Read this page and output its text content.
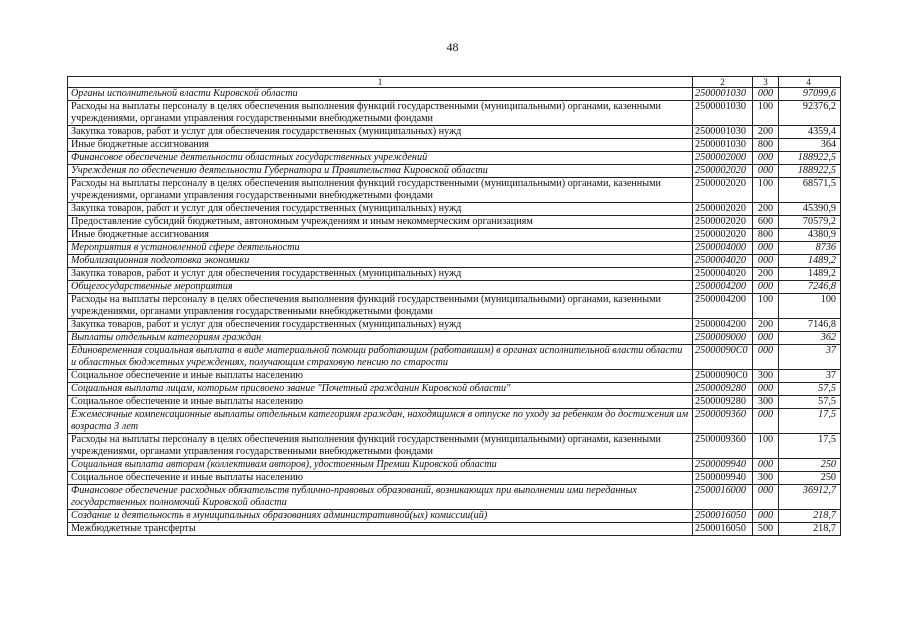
48
1	2	3	4
Органы исполнительной власти Кировской области	2500001030	000	97099,6
Расходы на выплаты персоналу в целях обеспечения выполнения функций государственными (муниципальными) органами, казенными учреждениями, органами управления государственными внебюджетными фондами	2500001030	100	92376,2
Закупка товаров, работ и услуг для обеспечения государственных (муниципальных) нужд	2500001030	200	4359,4
Иные бюджетные ассигнования	2500001030	800	364
Финансовое обеспечение деятельности областных государственных учреждений	2500002000	000	188922,5
Учреждения по обеспечению деятельности Губернатора и Правительства Кировской области	2500002020	000	188922,5
Расходы на выплаты персоналу в целях обеспечения выполнения функций государственными (муниципальными) органами, казенными учреждениями, органами управления государственными внебюджетными фондами	2500002020	100	68571,5
Закупка товаров, работ и услуг для обеспечения государственных (муниципальных) нужд	2500002020	200	45390,9
Предоставление субсидий бюджетным, автономным учреждениям и иным некоммерческим организациям	2500002020	600	70579,2
Иные бюджетные ассигнования	2500002020	800	4380,9
Мероприятия в установленной сфере деятельности	2500004000	000	8736
Мобилизационная подготовка экономики	2500004020	000	1489,2
Закупка товаров, работ и услуг для обеспечения государственных (муниципальных) нужд	2500004020	200	1489,2
Общегосударственные мероприятия	2500004200	000	7246,8
Расходы на выплаты персоналу в целях обеспечения выполнения функций государственными (муниципальными) органами, казенными учреждениями, органами управления государственными внебюджетными фондами	2500004200	100	100
Закупка товаров, работ и услуг для обеспечения государственных (муниципальных) нужд	2500004200	200	7146,8
Выплаты отдельным категориям граждан	2500009000	000	362
Единовременная социальная выплата в виде материальной помощи работающим (работавшим) в органах исполнительной власти области и областных бюджетных учреждениях, получающим страховую пенсию по старости	25000090С0	000	37
Социальное обеспечение и иные выплаты населению	25000090С0	300	37
Социальная выплата лицам, которым присвоено звание "Почетный гражданин Кировской области"	2500009280	000	57,5
Социальное обеспечение и иные выплаты населению	2500009280	300	57,5
Ежемесячные компенсационные выплаты отдельным категориям граждан, находящимся в отпуске по уходу за ребенком до достижения им возраста 3 лет	2500009360	000	17,5
Расходы на выплаты персоналу в целях обеспечения выполнения функций государственными (муниципальными) органами, казенными учреждениями, органами управления государственными внебюджетными фондами	2500009360	100	17,5
Социальная выплата авторам (коллективам авторов), удостоенным Премии Кировской области	2500009940	000	250
Социальное обеспечение и иные выплаты населению	2500009940	300	250
Финансовое обеспечение расходных обязательств публично-правовых образований, возникающих при выполнении ими переданных государственных полномочий Кировской области	2500016000	000	36912,7
Создание и деятельность в муниципальных образованиях административной(ых) комиссии(ий)	2500016050	000	218,7
Межбюджетные трансферты	2500016050	500	218,7
